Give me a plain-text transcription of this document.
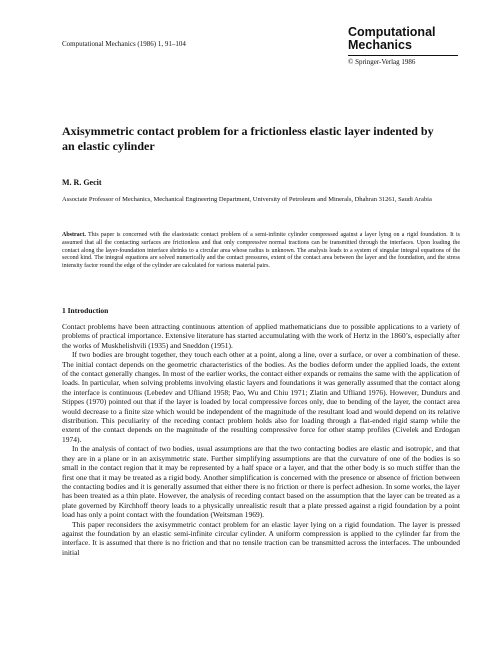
Computational Mechanics (1986) 1, 91–104
Computational
Mechanics
© Springer-Verlag 1986
Axisymmetric contact problem for a frictionless elastic layer indented by an elastic cylinder
M. R. Gecit
Associate Professor of Mechanics, Mechanical Engineering Department, University of Petroleum and Minerals, Dhahran 31261, Saudi Arabia
Abstract. This paper is concerned with the elastostatic contact problem of a semi-infinite cylinder compressed against a layer lying on a rigid foundation. It is assumed that all the contacting surfaces are frictionless and that only compressive normal tractions can be transmitted through the interfaces. Upon loading the contact along the layer-foundation interface shrinks to a circular area whose radius is unknown. The analysis leads to a system of singular integral equations of the second kind. The integral equations are solved numerically and the contact pressures, extent of the contact area between the layer and the foundation, and the stress intensity factor round the edge of the cylinder are calculated for various material pairs.
1 Introduction

Contact problems have been attracting continuous attention of applied mathematicians due to possible applications to a variety of problems of practical importance. Extensive literature has started accumulating with the work of Hertz in the 1860’s, especially after the works of Muskhelishvili (1935) and Sneddon (1951).

If two bodies are brought together, they touch each other at a point, along a line, over a surface, or over a combination of these. The initial contact depends on the geometric characteristics of the bodies. As the bodies deform under the applied loads, the extent of the contact generally changes. In most of the earlier works, the contact either expands or remains the same with the application of loads. In particular, when solving problems involving elastic layers and foundations it was generally assumed that the contact along the interface is continuous (Lebedev and Ufliand 1958; Pao, Wu and Chiu 1971; Zlatin and Ufliand 1976). However, Dundurs and Stippes (1970) pointed out that if the layer is loaded by local compressive forces only, due to bending of the layer, the contact area would decrease to a finite size which would be independent of the magnitude of the resultant load and would depend on its relative distribution. This peculiarity of the receding contact problem holds also for loading through a flat-ended rigid stamp while the extent of the contact depends on the magnitude of the resulting compressive force for other stamp profiles (Civelek and Erdogan 1974).

In the analysis of contact of two bodies, usual assumptions are that the two contacting bodies are elastic and isotropic, and that they are in a plane or in an axisymmetric state. Further simplifying assumptions are that the curvature of one of the bodies is so small in the contact region that it may be represented by a half space or a layer, and that the other body is so much stiffer than the first one that it may be treated as a rigid body. Another simplification is concerned with the presence or absence of friction between the contacting bodies and it is generally assumed that either there is no friction or there is perfect adhesion. In some works, the layer has been treated as a thin plate. However, the analysis of receding contact based on the assumption that the layer can be treated as a plate governed by Kirchhoff theory leads to a physically unrealistic result that a plate pressed against a rigid foundation by a point load has only a point contact with the foundation (Weitsman 1969).

This paper reconsiders the axisymmetric contact problem for an elastic layer lying on a rigid foundation. The layer is pressed against the foundation by an elastic semi-infinite circular cylinder. A uniform compression is applied to the cylinder far from the interface. It is assumed that there is no friction and that no tensile traction can be transmitted across the interfaces. The unbounded initial
